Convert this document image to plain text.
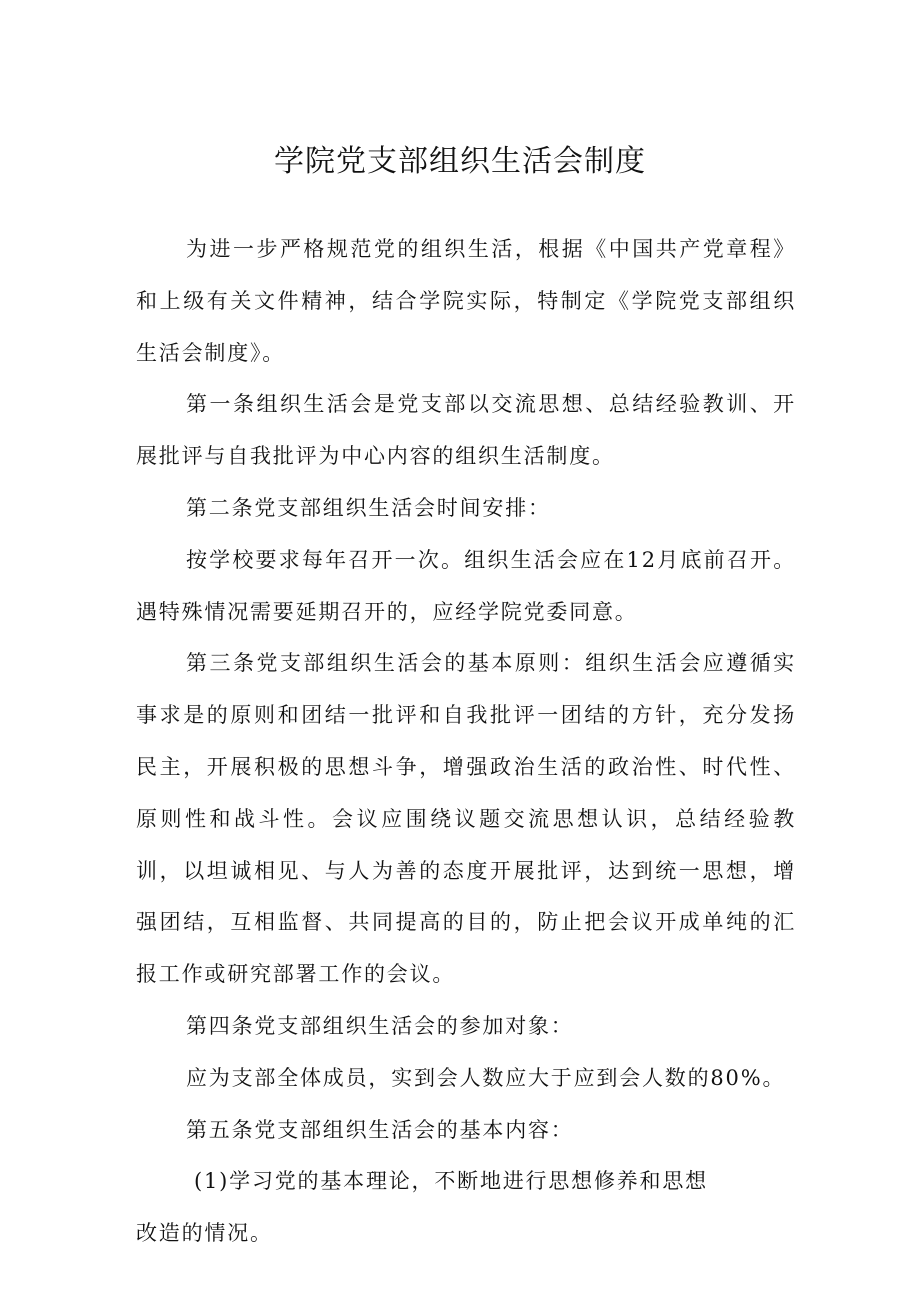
学院党支部组织生活会制度

为进一步严格规范党的组织生活，根据《中国共产党章程》和上级有关文件精神，结合学院实际，特制定《学院党支部组织生活会制度》。

第一条组织生活会是党支部以交流思想、总结经验教训、开展批评与自我批评为中心内容的组织生活制度。

第二条党支部组织生活会时间安排：

按学校要求每年召开一次。组织生活会应在12月底前召开。遇特殊情况需要延期召开的，应经学院党委同意。

第三条党支部组织生活会的基本原则：组织生活会应遵循实事求是的原则和团结一批评和自我批评一团结的方针，充分发扬民主，开展积极的思想斗争，增强政治生活的政治性、时代性、原则性和战斗性。会议应围绕议题交流思想认识，总结经验教训，以坦诚相见、与人为善的态度开展批评，达到统一思想，增强团结，互相监督、共同提高的目的，防止把会议开成单纯的汇报工作或研究部署工作的会议。

第四条党支部组织生活会的参加对象：

应为支部全体成员，实到会人数应大于应到会人数的80%。

第五条党支部组织生活会的基本内容：

(1)学习党的基本理论，不断地进行思想修养和思想

改造的情况。
